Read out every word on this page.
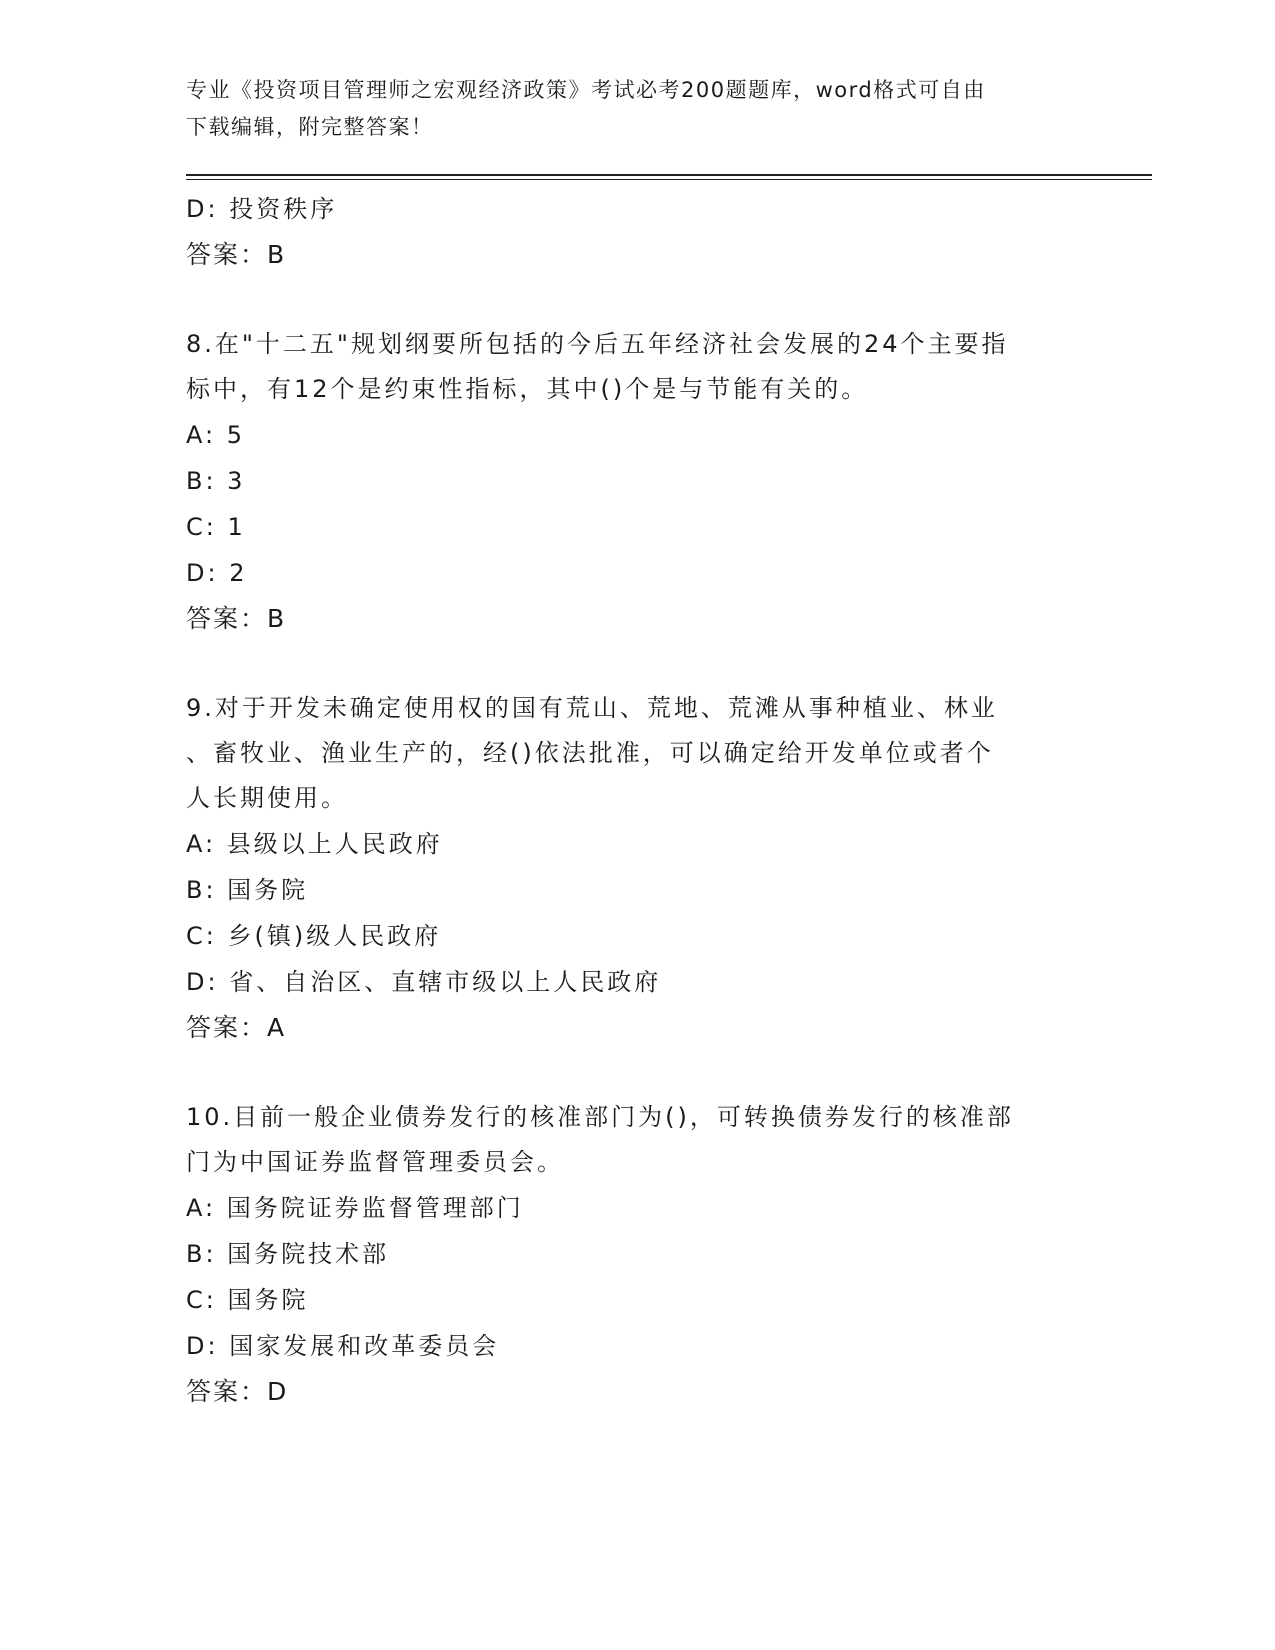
专业《投资项目管理师之宏观经济政策》考试必考200题题库，word格式可自由
下载编辑，附完整答案！

D: 投资秩序

答案：B

8.在"十二五"规划纲要所包括的今后五年经济社会发展的24个主要指

标中，有12个是约束性指标，其中()个是与节能有关的。

A: 5

B: 3

C: 1

D: 2

答案：B

9.对于开发未确定使用权的国有荒山、荒地、荒滩从事种植业、林业

、畜牧业、渔业生产的，经()依法批准，可以确定给开发单位或者个

人长期使用。

A: 县级以上人民政府

B: 国务院

C: 乡(镇)级人民政府

D: 省、自治区、直辖市级以上人民政府

答案：A

10.目前一般企业债券发行的核准部门为()，可转换债券发行的核准部

门为中国证券监督管理委员会。

A: 国务院证券监督管理部门

B: 国务院技术部

C: 国务院

D: 国家发展和改革委员会

答案：D
